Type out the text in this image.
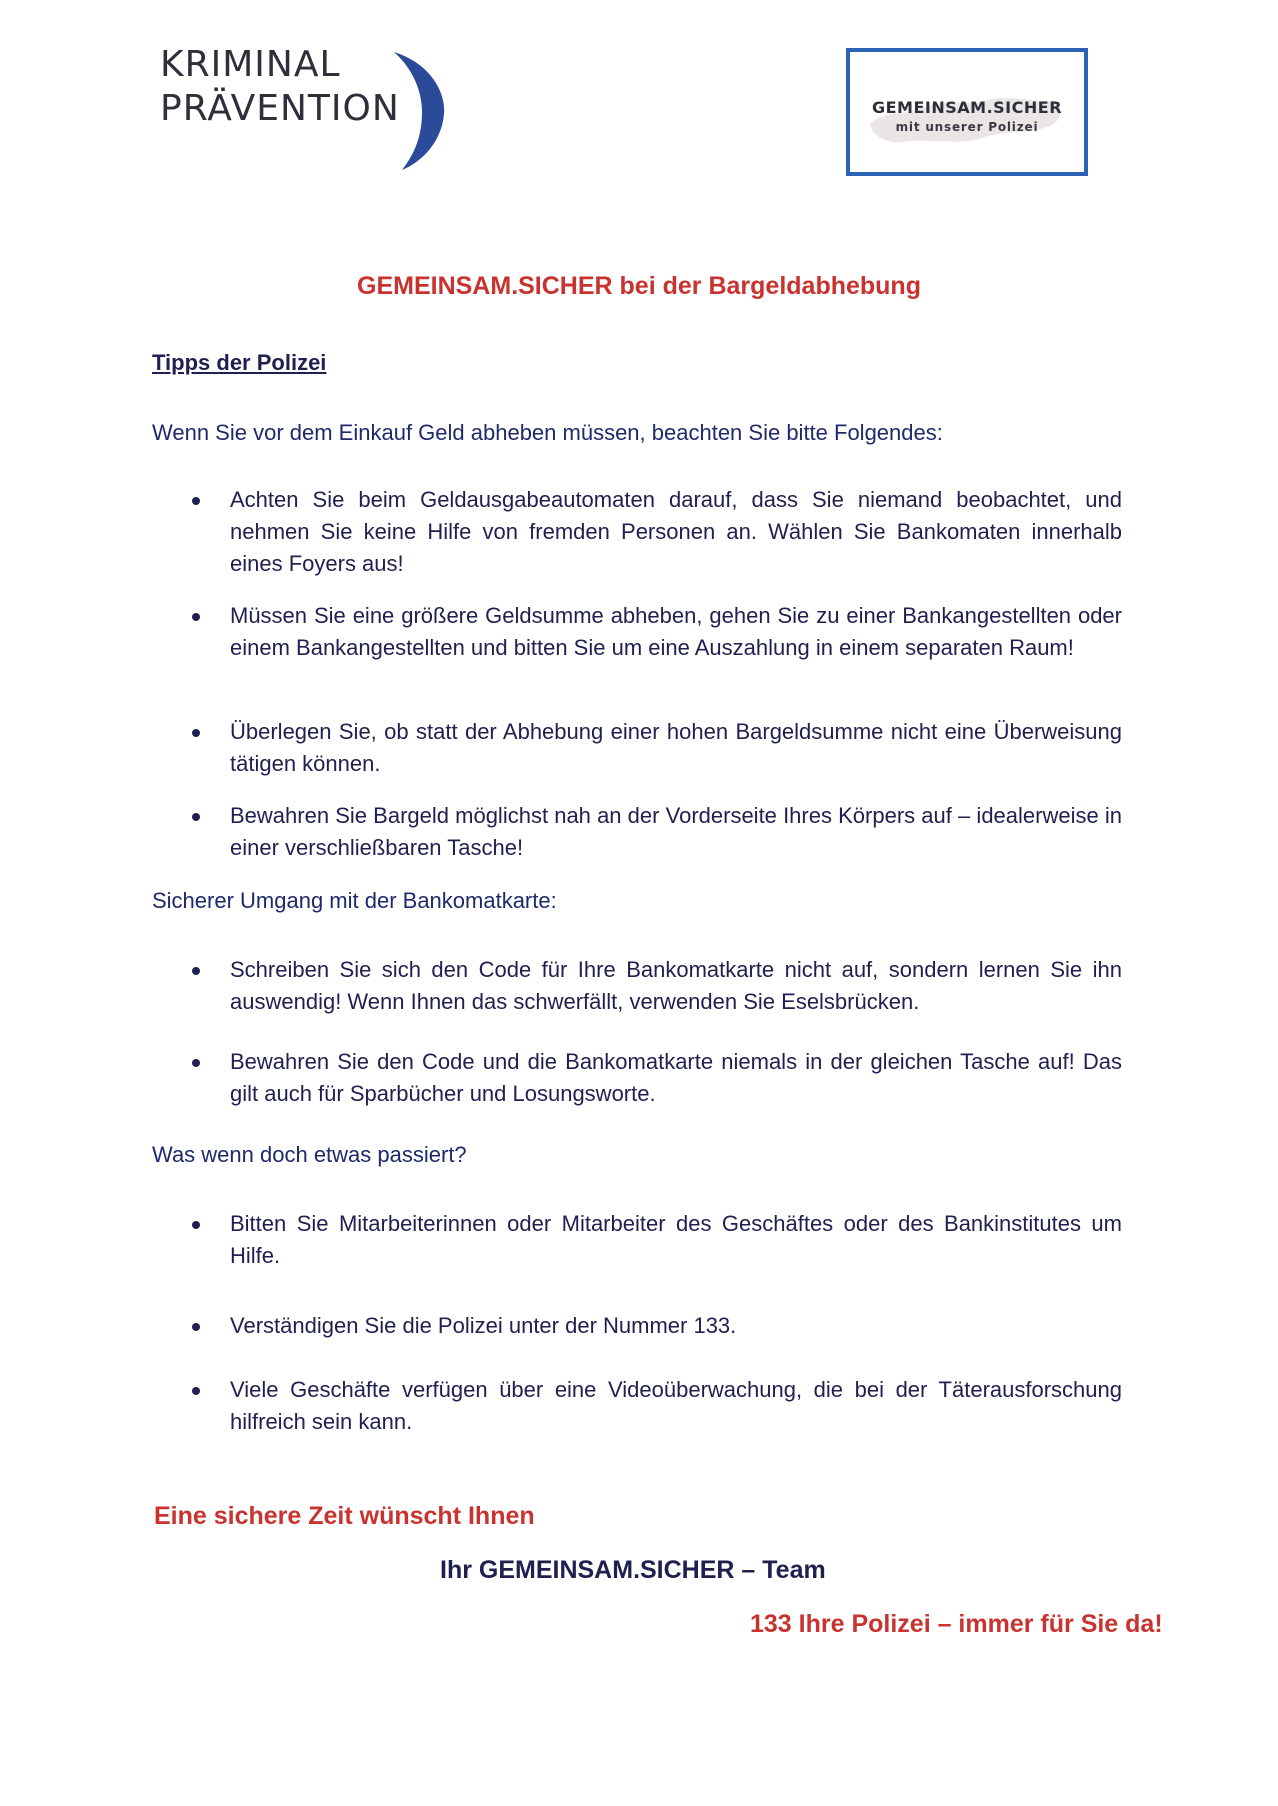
KRIMINAL
PRÄVENTION	GEMEINSAM.SICHER
mit unserer Polizei
GEMEINSAM.SICHER bei der Bargeldabhebung
Tipps der Polizei
Wenn Sie vor dem Einkauf Geld abheben müssen, beachten Sie bitte Folgendes:
Achten Sie beim Geldausgabeautomaten darauf, dass Sie niemand beobachtet, und nehmen Sie keine Hilfe von fremden Personen an. Wählen Sie Bankomaten innerhalb eines Foyers aus!
Müssen Sie eine größere Geldsumme abheben, gehen Sie zu einer Bankangestellten oder einem Bankangestellten und bitten Sie um eine Auszahlung in einem separaten Raum!
Überlegen Sie, ob statt der Abhebung einer hohen Bargeldsumme nicht eine Überweisung tätigen können.
Bewahren Sie Bargeld möglichst nah an der Vorderseite Ihres Körpers auf – idealerweise in einer verschließbaren Tasche!
Sicherer Umgang mit der Bankomatkarte:
Schreiben Sie sich den Code für Ihre Bankomatkarte nicht auf, sondern lernen Sie ihn auswendig! Wenn Ihnen das schwerfällt, verwenden Sie Eselsbrücken.
Bewahren Sie den Code und die Bankomatkarte niemals in der gleichen Tasche auf! Das gilt auch für Sparbücher und Losungsworte.
Was wenn doch etwas passiert?
Bitten Sie Mitarbeiterinnen oder Mitarbeiter des Geschäftes oder des Bankinstitutes um Hilfe.
Verständigen Sie die Polizei unter der Nummer 133.
Viele Geschäfte verfügen über eine Videoüberwachung, die bei der Täterausforschung hilfreich sein kann.
Eine sichere Zeit wünscht Ihnen
Ihr GEMEINSAM.SICHER – Team
133 Ihre Polizei – immer für Sie da!
